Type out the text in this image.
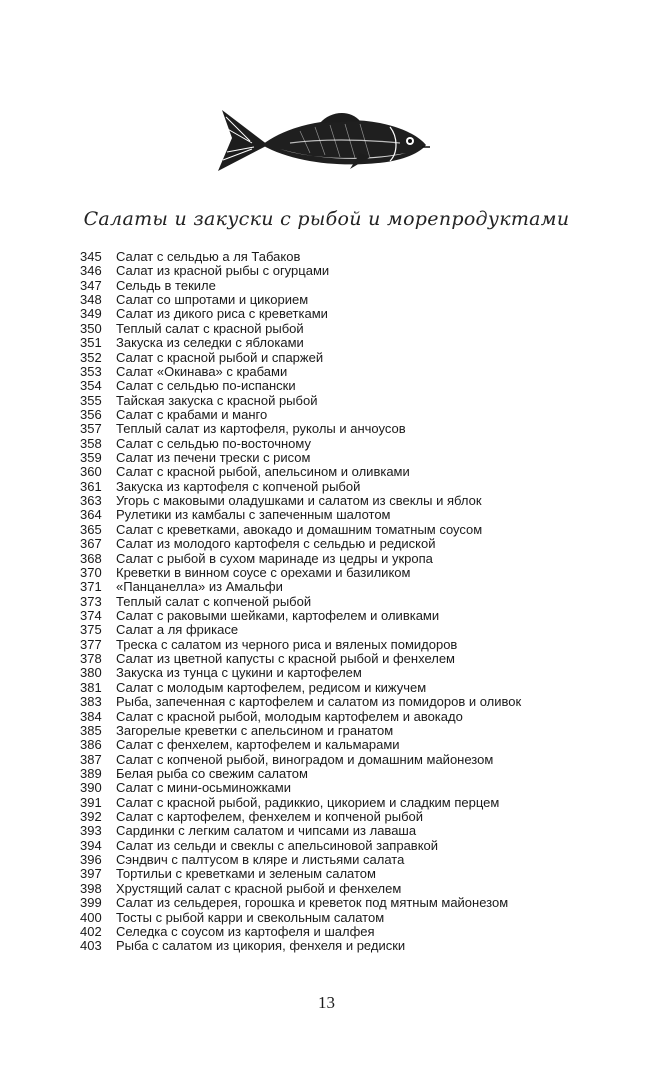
Салаты и закуски с рыбой и морепродуктами
345	Салат с сельдью а ля Табаков
346	Салат из красной рыбы с огурцами
347	Сельдь в текиле
348	Салат со шпротами и цикорием
349	Салат из дикого риса с креветками
350	Теплый салат с красной рыбой
351	Закуска из селедки с яблоками
352	Салат с красной рыбой и спаржей
353	Салат «Окинава» с крабами
354	Салат с сельдью по-испански
355	Тайская закуска с красной рыбой
356	Салат с крабами и манго
357	Теплый салат из картофеля, руколы и анчоусов
358	Салат с сельдью по-восточному
359	Салат из печени трески с рисом
360	Салат с красной рыбой, апельсином и оливками
361	Закуска из картофеля с копченой рыбой
363	Угорь с маковыми оладушками и салатом из свеклы и яблок
364	Рулетики из камбалы с запеченным шалотом
365	Салат с креветками, авокадо и домашним томатным соусом
367	Салат из молодого картофеля с сельдью и редиской
368	Салат с рыбой в сухом маринаде из цедры и укропа
370	Креветки в винном соусе с орехами и базиликом
371	«Панцанелла» из Амальфи
373	Теплый салат с копченой рыбой
374	Салат с раковыми шейками, картофелем и оливками
375	Салат а ля фрикасе
377	Треска с салатом из черного риса и вяленых помидоров
378	Салат из цветной капусты с красной рыбой и фенхелем
380	Закуска из тунца с цукини и картофелем
381	Салат с молодым картофелем, редисом и кижучем
383	Рыба, запеченная с картофелем и салатом из помидоров и оливок
384	Салат с красной рыбой, молодым картофелем и авокадо
385	Загорелые креветки с апельсином и гранатом
386	Салат с фенхелем, картофелем и кальмарами
387	Салат с копченой рыбой, виноградом и домашним майонезом
389	Белая рыба со свежим салатом
390	Салат с мини-осьминожками
391	Салат с красной рыбой, радиккио, цикорием и сладким перцем
392	Салат с картофелем, фенхелем и копченой рыбой
393	Сардинки с легким салатом и чипсами из лаваша
394	Салат из сельди и свеклы с апельсиновой заправкой
396	Сэндвич с палтусом в кляре и листьями салата
397	Тортильи с креветками и зеленым салатом
398	Хрустящий салат с красной рыбой и фенхелем
399	Салат из сельдерея, горошка и креветок под мятным майонезом
400	Тосты с рыбой карри и свекольным салатом
402	Селедка с соусом из картофеля и шалфея
403	Рыба с салатом из цикория, фенхеля и редиски
13
